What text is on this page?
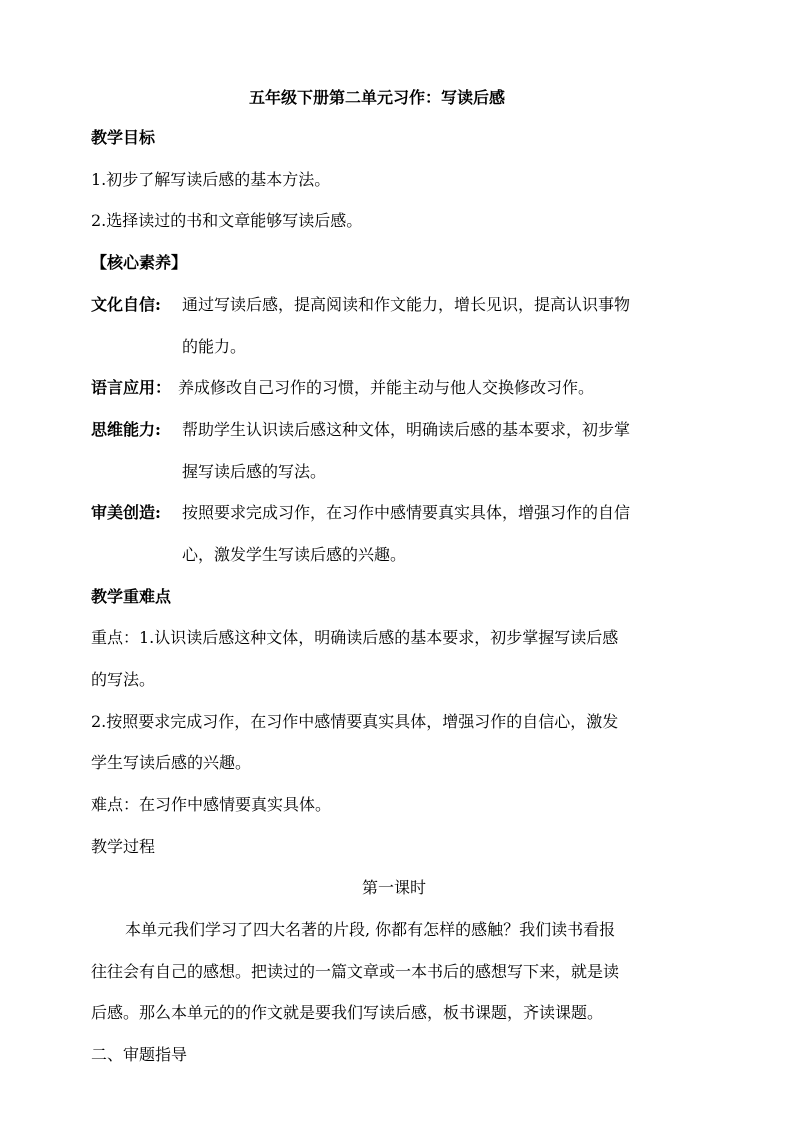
五年级下册第二单元习作：写读后感
教学目标
1.初步了解写读后感的基本方法。
2.选择读过的书和文章能够写读后感。
【核心素养】
文化自信: 通过写读后感，提高阅读和作文能力，增长见识，提高认识事物
的能力。
语言应用： 养成修改自己习作的习惯，并能主动与他人交换修改习作。
思维能力: 帮助学生认识读后感这种文体，明确读后感的基本要求，初步掌
握写读后感的写法。
审美创造: 按照要求完成习作，在习作中感情要真实具体，增强习作的自信
心，激发学生写读后感的兴趣。
教学重难点
重点：1.认识读后感这种文体，明确读后感的基本要求，初步掌握写读后感
的写法。
2.按照要求完成习作，在习作中感情要真实具体，增强习作的自信心，激发
学生写读后感的兴趣。
难点：在习作中感情要真实具体。
教学过程
第一课时
本单元我们学习了四大名著的片段, 你都有怎样的感触？我们读书看报
往往会有自己的感想。把读过的一篇文章或一本书后的感想写下来，就是读
后感。那么本单元的的作文就是要我们写读后感，板书课题，齐读课题。
二、审题指导
